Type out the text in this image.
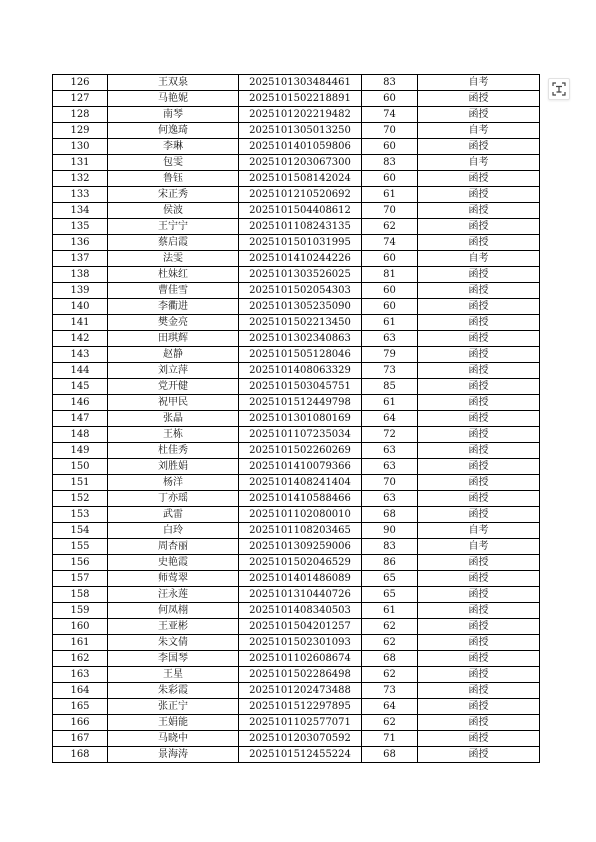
126	王双泉	2025101303484461	83	自考
127	马艳妮	2025101502218891	60	函授
128	南琴	2025101202219482	74	函授
129	何逸琦	2025101305013250	70	自考
130	李琳	2025101401059806	60	函授
131	包雯	2025101203067300	83	自考
132	鲁钰	2025101508142024	60	函授
133	宋正秀	2025101210520692	61	函授
134	侯波	2025101504408612	70	函授
135	王宁宁	2025101108243135	62	函授
136	蔡启霞	2025101501031995	74	函授
137	法雯	2025101410244226	60	自考
138	杜妹红	2025101303526025	81	函授
139	曹佳雪	2025101502054303	60	函授
140	李衢进	2025101305235090	60	函授
141	樊金亮	2025101502213450	61	函授
142	田琪辉	2025101302340863	63	函授
143	赵静	2025101505128046	79	函授
144	刘立萍	2025101408063329	73	函授
145	党开健	2025101503045751	85	函授
146	祝甲民	2025101512449798	61	函授
147	张晶	2025101301080169	64	函授
148	王栋	2025101107235034	72	函授
149	杜佳秀	2025101502260269	63	函授
150	刘胜娟	2025101410079366	63	函授
151	杨洋	2025101408241404	70	函授
152	丁亦瑶	2025101410588466	63	函授
153	武雷	2025101102080010	68	函授
154	白玲	2025101108203465	90	自考
155	周杏丽	2025101309259006	83	自考
156	史艳霞	2025101502046529	86	函授
157	师莺翠	2025101401486089	65	函授
158	汪永莲	2025101310440726	65	函授
159	何凤栩	2025101408340503	61	函授
160	王亚彬	2025101504201257	62	函授
161	朱文倩	2025101502301093	62	函授
162	李国琴	2025101102608674	68	函授
163	王星	2025101502286498	62	函授
164	朱彩霞	2025101202473488	73	函授
165	张正宁	2025101512297895	64	函授
166	王娟能	2025101102577071	62	函授
167	马晓中	2025101203070592	71	函授
168	景海涛	2025101512455224	68	函授
